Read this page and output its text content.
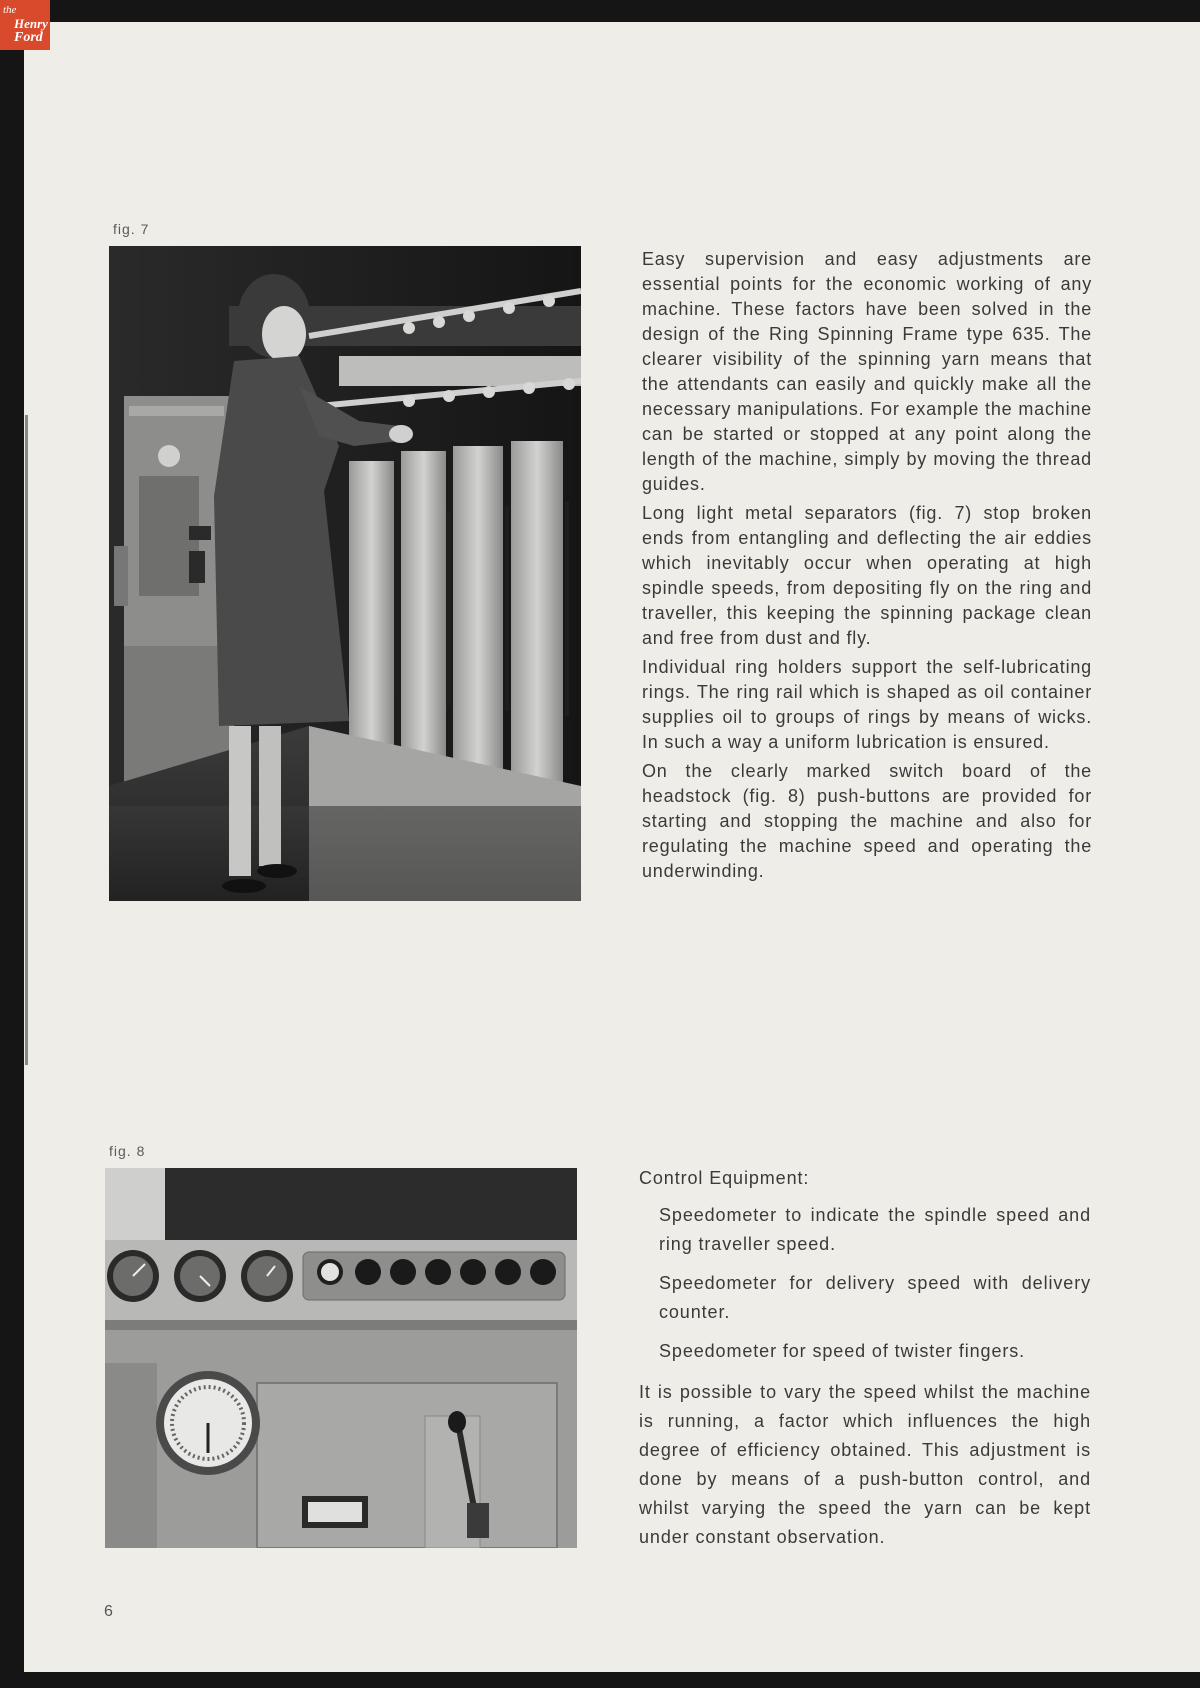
the
Henry
Ford
fig. 7

Easy supervision and easy adjustments are essential points for the economic working of any machine. These factors have been solved in the design of the Ring Spinning Frame type 635. The clearer visibility of the spinning yarn means that the attendants can easily and quickly make all the necessary manipulations. For example the machine can be started or stopped at any point along the length of the machine, simply by moving the thread guides.

Long light metal separators (fig. 7) stop broken ends from entangling and deflecting the air eddies which inevitably occur when operating at high spindle speeds, from depositing fly on the ring and traveller, this keeping the spinning package clean and free from dust and fly.

Individual ring holders support the self-lubricating rings. The ring rail which is shaped as oil container supplies oil to groups of rings by means of wicks. In such a way a uniform lubrication is ensured.

On the clearly marked switch board of the headstock (fig. 8) push-buttons are provided for starting and stopping the machine and also for regulating the machine speed and operating the underwinding.

fig. 8

Control Equipment:

Speedometer to indicate the spindle speed and ring traveller speed.

Speedometer for delivery speed with delivery counter.

Speedometer for speed of twister fingers.

It is possible to vary the speed whilst the machine is running, a factor which influences the high degree of efficiency obtained. This adjustment is done by means of a push-button control, and whilst varying the speed the yarn can be kept under constant observation.

6
